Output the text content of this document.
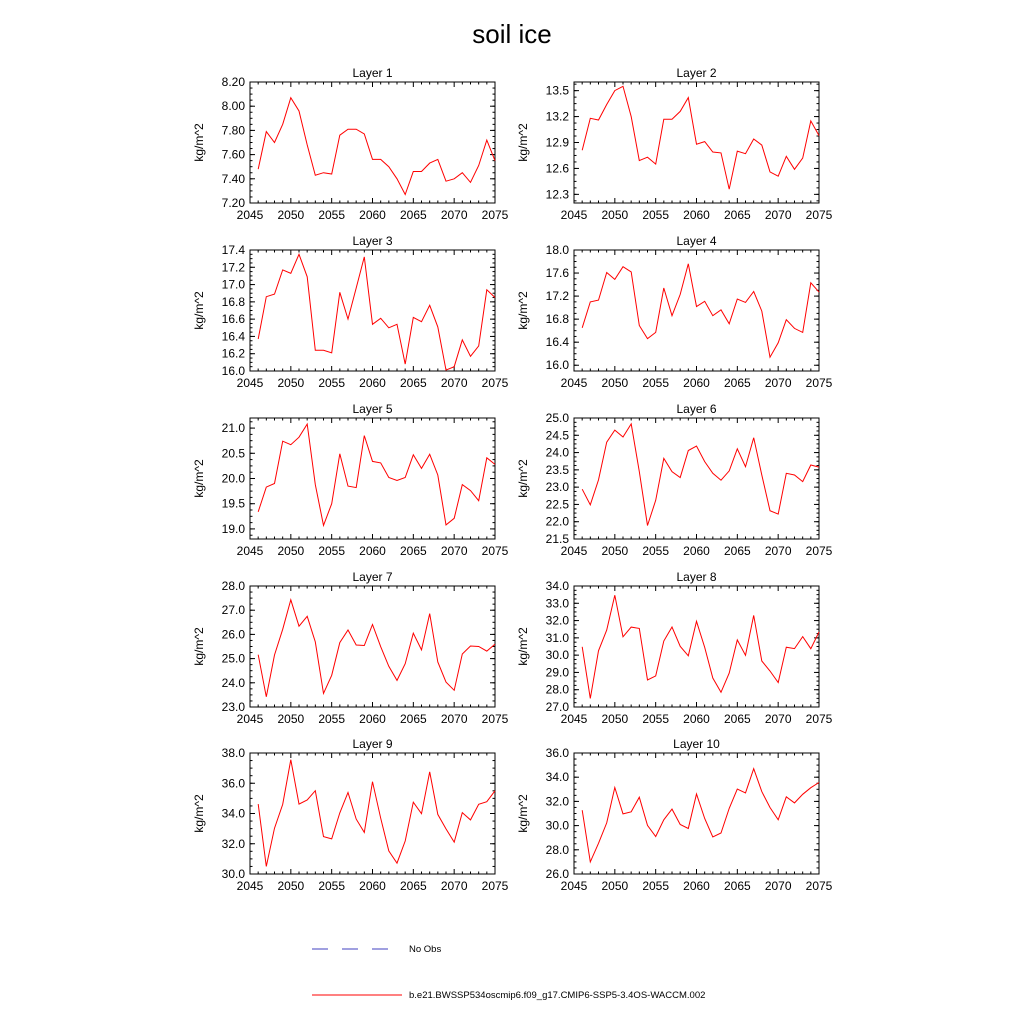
soil ice
Layer 1
kg/m^2
2045 2050 2055 2060 2065 2070 2075
7.20
7.40
7.60
7.80
8.00
8.20
Layer 2
kg/m^2
2045 2050 2055 2060 2065 2070 2075
12.3
12.6
12.9
13.2
13.5
Layer 3
kg/m^2
2045 2050 2055 2060 2065 2070 2075
16.0
16.2
16.4
16.6
16.8
17.0
17.2
17.4
Layer 4
kg/m^2
2045 2050 2055 2060 2065 2070 2075
16.0
16.4
16.8
17.2
17.6
18.0
Layer 5
kg/m^2
2045 2050 2055 2060 2065 2070 2075
19.0
19.5
20.0
20.5
21.0
Layer 6
kg/m^2
2045 2050 2055 2060 2065 2070 2075
21.5
22.0
22.5
23.0
23.5
24.0
24.5
25.0
Layer 7
kg/m^2
2045 2050 2055 2060 2065 2070 2075
23.0
24.0
25.0
26.0
27.0
28.0
Layer 8
kg/m^2
2045 2050 2055 2060 2065 2070 2075
27.0
28.0
29.0
30.0
31.0
32.0
33.0
34.0
Layer 9
kg/m^2
2045 2050 2055 2060 2065 2070 2075
30.0
32.0
34.0
36.0
38.0
Layer 10
kg/m^2
2045 2050 2055 2060 2065 2070 2075
26.0
28.0
30.0
32.0
34.0
36.0
No Obs
b.e21.BWSSP534oscmip6.f09_g17.CMIP6-SSP5-3.4OS-WACCM.002
